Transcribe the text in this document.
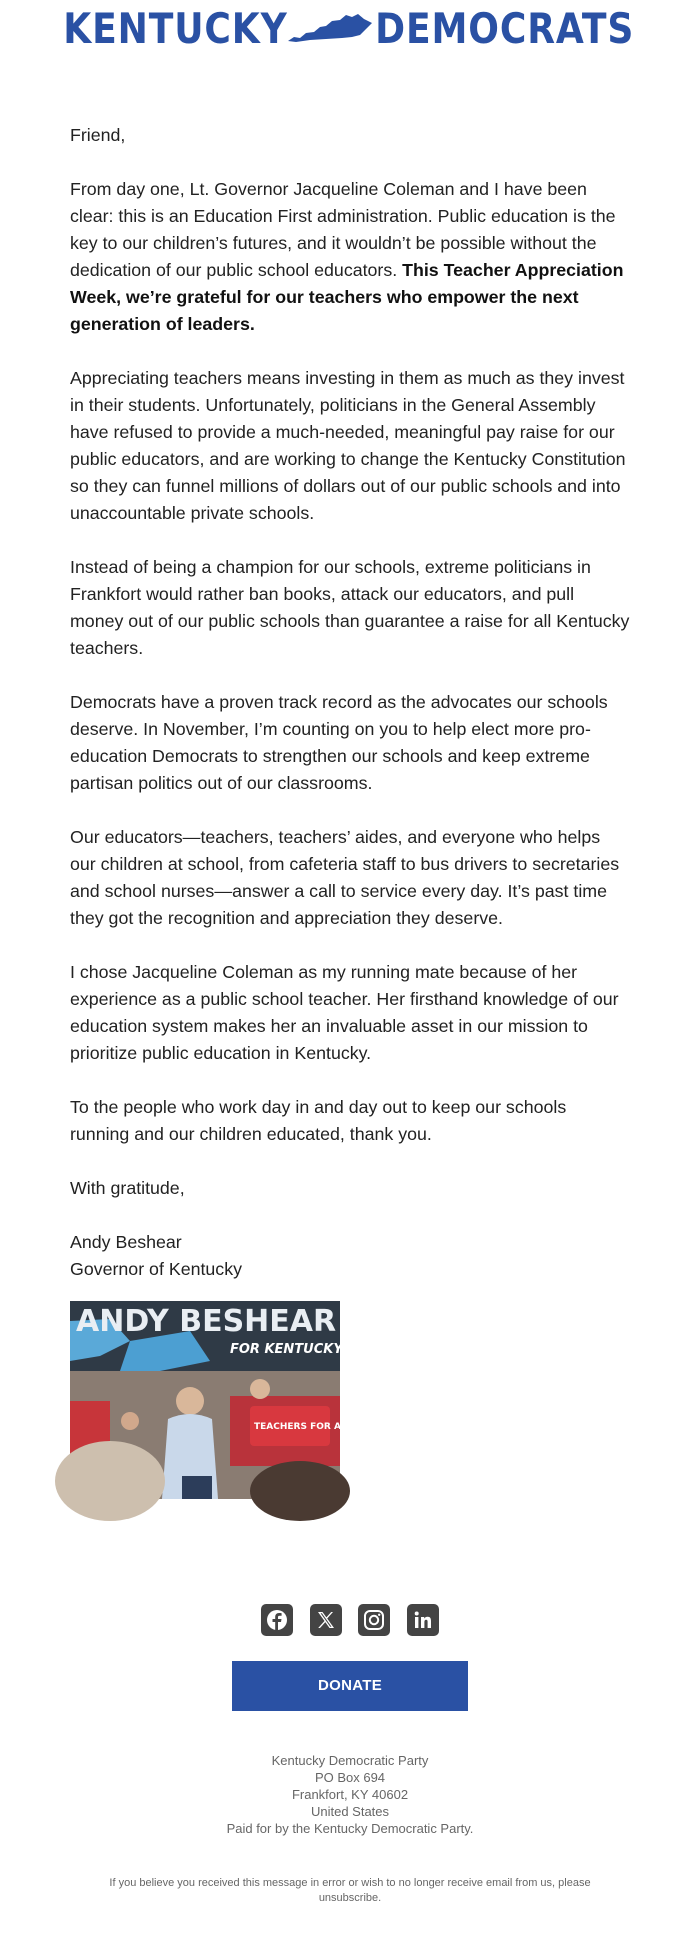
KENTUCKY DEMOCRATS

Friend,

From day one, Lt. Governor Jacqueline Coleman and I have been clear: this is an Education First administration. Public education is the key to our children’s futures, and it wouldn’t be possible without the dedication of our public school educators. This Teacher Appreciation Week, we’re grateful for our teachers who empower the next generation of leaders.

Appreciating teachers means investing in them as much as they invest in their students. Unfortunately, politicians in the General Assembly have refused to provide a much-needed, meaningful pay raise for our public educators, and are working to change the Kentucky Constitution so they can funnel millions of dollars out of our public schools and into unaccountable private schools.

Instead of being a champion for our schools, extreme politicians in Frankfort would rather ban books, attack our educators, and pull money out of our public schools than guarantee a raise for all Kentucky teachers.

Democrats have a proven track record as the advocates our schools deserve. In November, I’m counting on you to help elect more pro-education Democrats to strengthen our schools and keep extreme partisan politics out of our classrooms.

Our educators—teachers, teachers’ aides, and everyone who helps our children at school, from cafeteria staff to bus drivers to secretaries and school nurses—answer a call to service every day. It’s past time they got the recognition and appreciation they deserve.

I chose Jacqueline Coleman as my running mate because of her experience as a public school teacher. Her firsthand knowledge of our education system makes her an invaluable asset in our mission to prioritize public education in Kentucky.

To the people who work day in and day out to keep our schools running and our children educated, thank you.

With gratitude,

Andy Beshear

Governor of Kentucky

ANDY BESHEAR
FOR KENTUCKY
TEACHERS FOR ANDY

DONATE
Kentucky Democratic Party
PO Box 694
Frankfort, KY 40602
United States
Paid for by the Kentucky Democratic Party.
If you believe you received this message in error or wish to no longer receive email from us, please unsubscribe.
